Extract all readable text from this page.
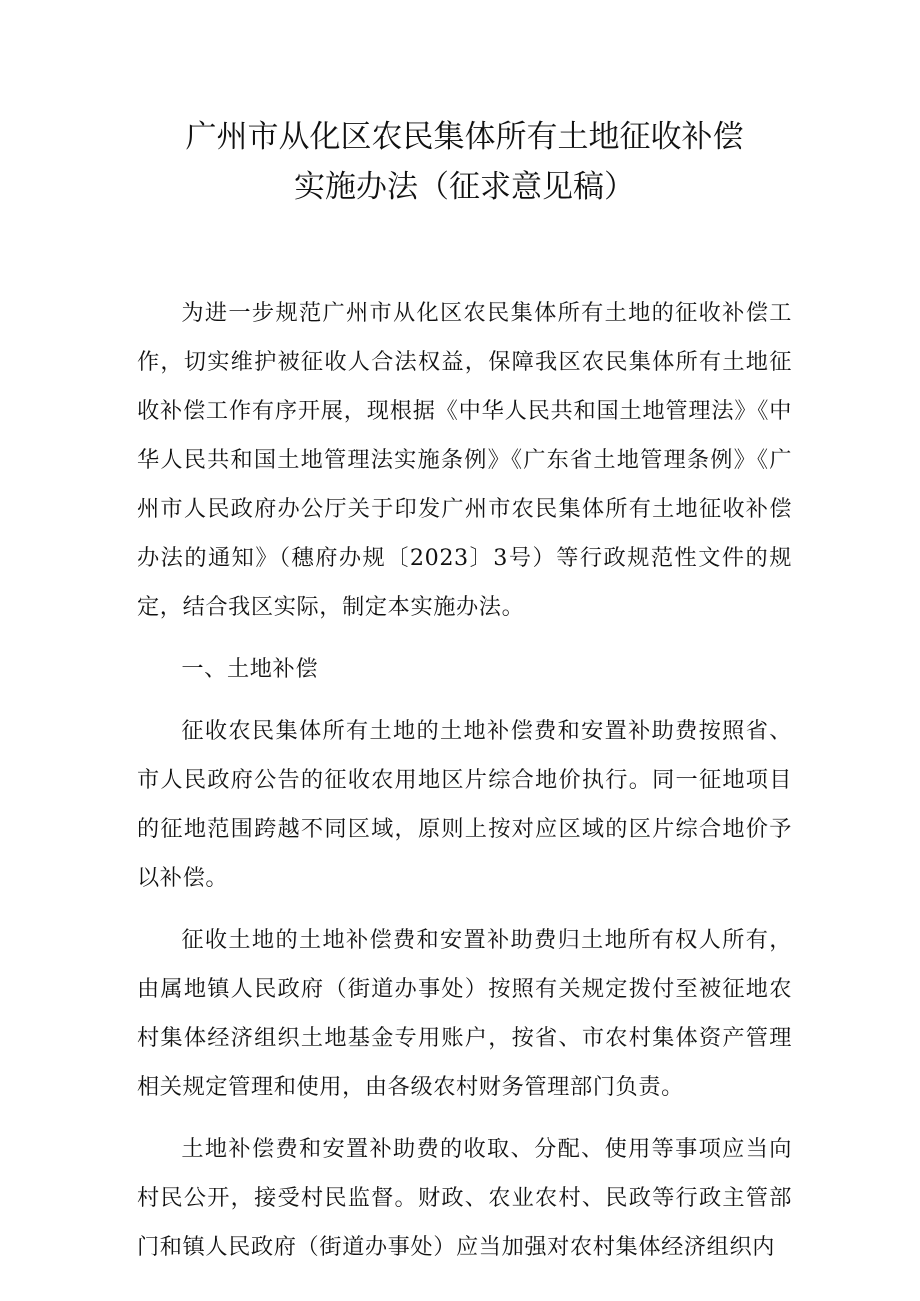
广州市从化区农民集体所有土地征收补偿
实施办法（征求意见稿）

为进一步规范广州市从化区农民集体所有土地的征收补偿工作，切实维护被征收人合法权益，保障我区农民集体所有土地征收补偿工作有序开展，现根据《中华人民共和国土地管理法》《中华人民共和国土地管理法实施条例》《广东省土地管理条例》《广州市人民政府办公厅关于印发广州市农民集体所有土地征收补偿办法的通知》（穗府办规〔2023〕3号）等行政规范性文件的规定，结合我区实际，制定本实施办法。

一、土地补偿

征收农民集体所有土地的土地补偿费和安置补助费按照省、市人民政府公告的征收农用地区片综合地价执行。同一征地项目的征地范围跨越不同区域，原则上按对应区域的区片综合地价予以补偿。

征收土地的土地补偿费和安置补助费归土地所有权人所有，由属地镇人民政府（街道办事处）按照有关规定拨付至被征地农村集体经济组织土地基金专用账户，按省、市农村集体资产管理相关规定管理和使用，由各级农村财务管理部门负责。

土地补偿费和安置补助费的收取、分配、使用等事项应当向村民公开，接受村民监督。财政、农业农村、民政等行政主管部门和镇人民政府（街道办事处）应当加强对农村集体经济组织内
